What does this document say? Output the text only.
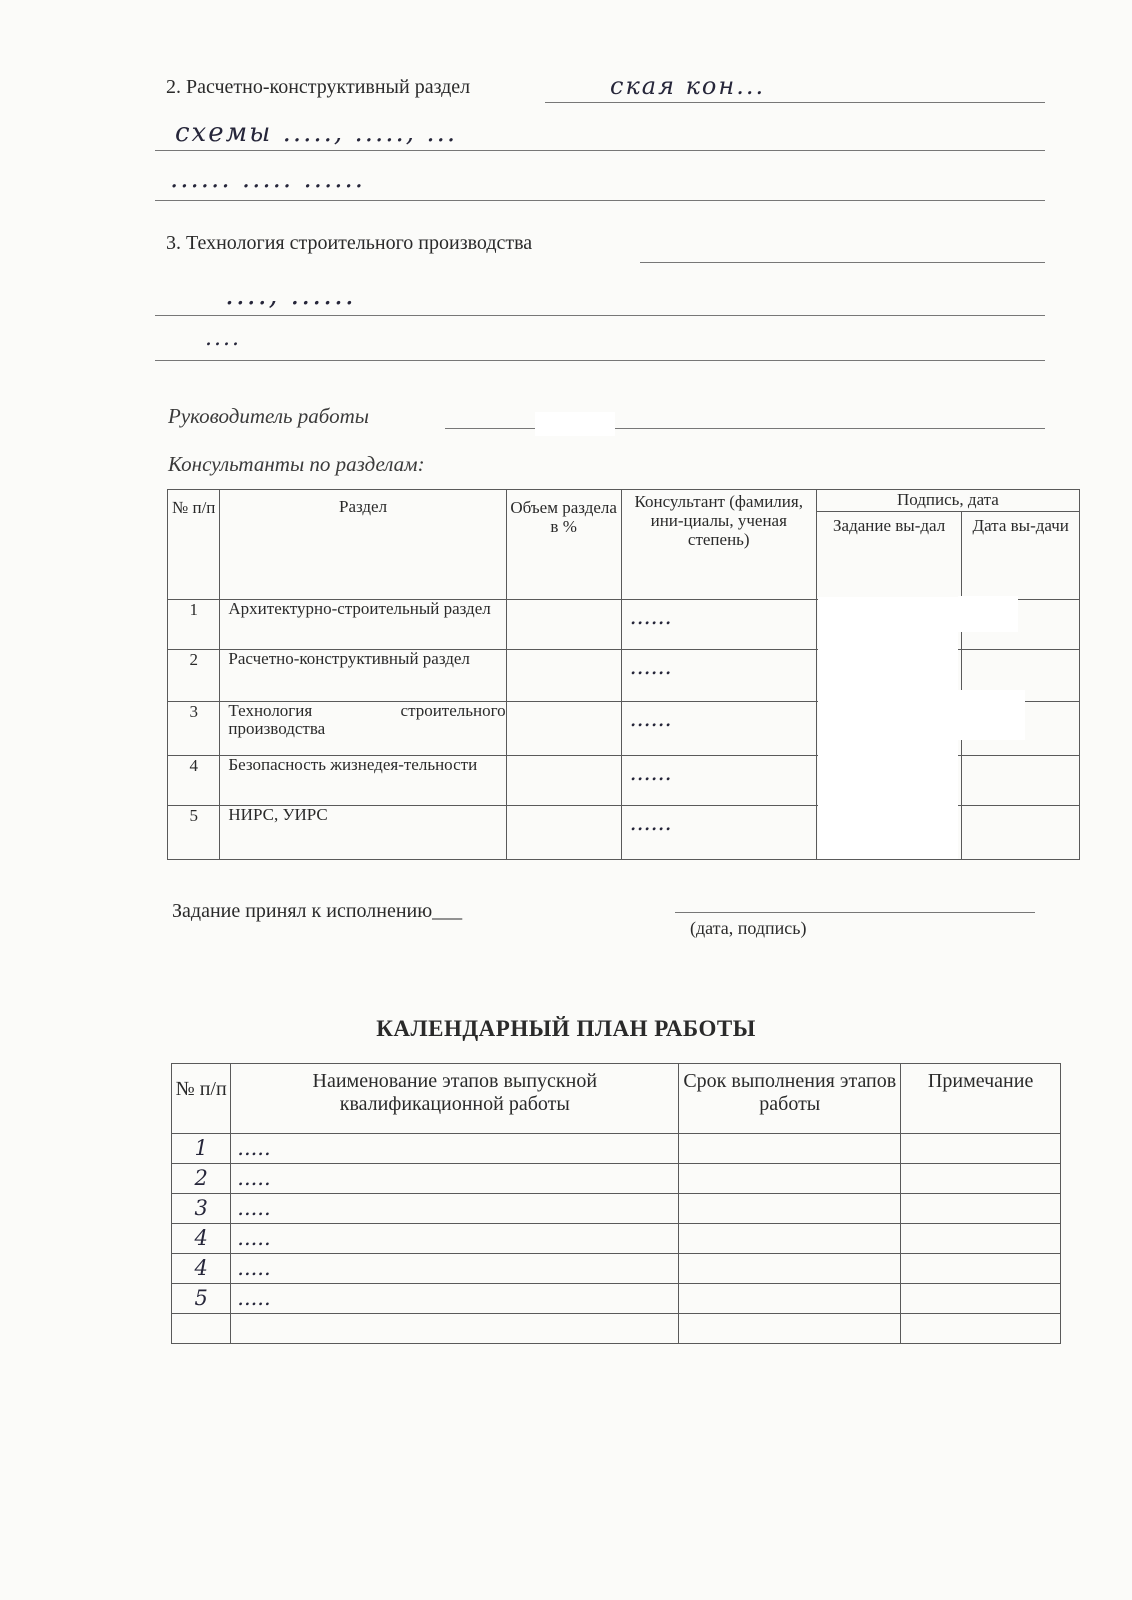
2. Расчетно-конструктивный раздел	ская кон...
схемы ....., ....., ...
...... ..... ......
3. Технология строительного производства
...., ......
....
Руководитель работы
Консультанты по разделам:
№ п/п	Раздел	Объем раздела в %	Консультант (фамилия, ини-циалы, ученая степень)	Подпись, дата	
				Задание вы-дал	Дата вы-дачи
1	Архитектурно-строительный раздел		......		
2	Расчетно-конструктивный раздел		......		
3	Технология строительного производства		......		
4	Безопасность жизнедея-тельности		......		
5	НИРС, УИРС		......		
Задание принял к исполнению___
(дата, подпись)
КАЛЕНДАРНЫЙ ПЛАН РАБОТЫ
№ п/п	Наименование этапов выпускной квалификационной работы	Срок выполнения этапов работы	Примечание
1	.....		
2	.....		
3	.....		
4	.....		
4	.....		
5	.....		
